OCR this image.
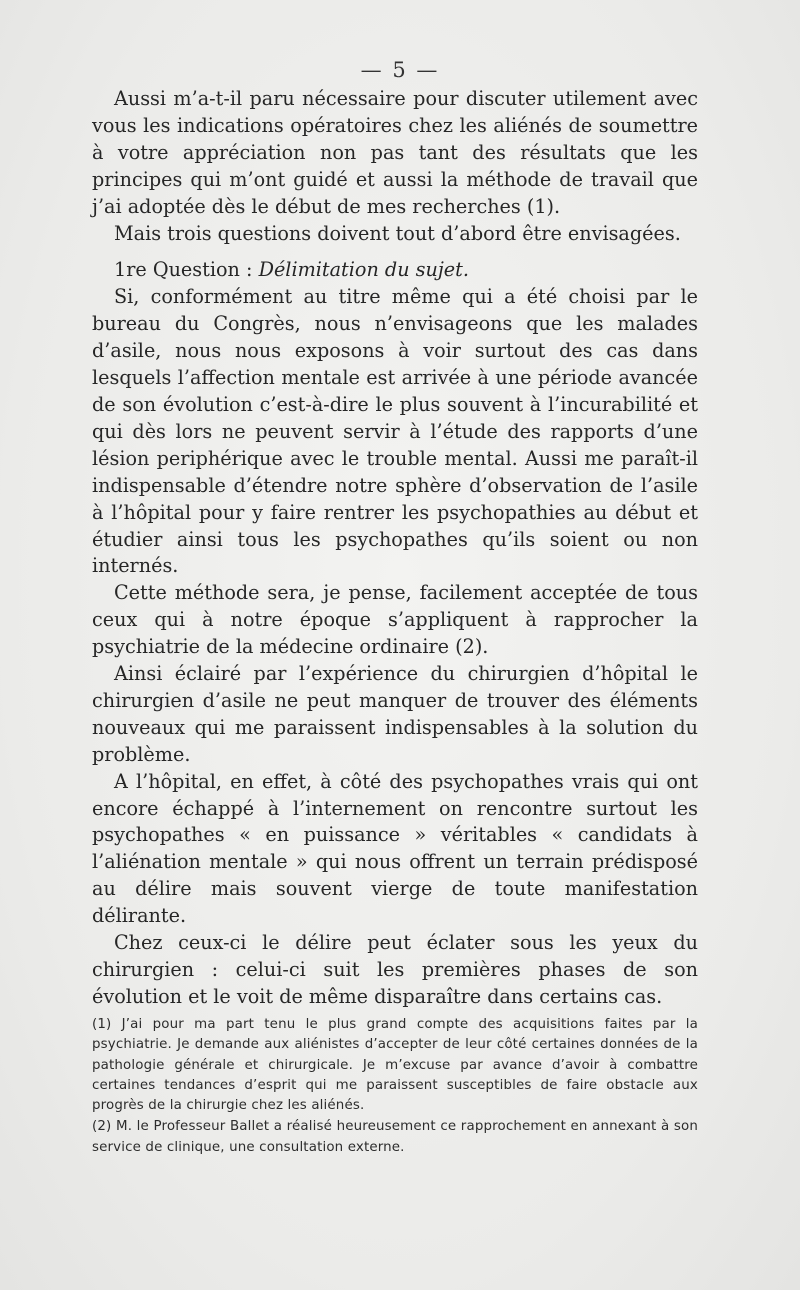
— 5 —

Aussi m’a-t-il paru nécessaire pour discuter utilement avec vous les indications opératoires chez les aliénés de soumettre à votre appréciation non pas tant des résultats que les principes qui m’ont guidé et aussi la méthode de travail que j’ai adoptée dès le début de mes recherches (1).

Mais trois questions doivent tout d’abord être envisagées.

1re Question : Délimitation du sujet.

Si, conformément au titre même qui a été choisi par le bureau du Congrès, nous n’envisageons que les malades d’asile, nous nous exposons à voir surtout des cas dans lesquels l’affection mentale est arrivée à une période avancée de son évolution c’est-à-dire le plus souvent à l’incurabilité et qui dès lors ne peuvent servir à l’étude des rapports d’une lésion periphérique avec le trouble mental. Aussi me paraît-il indispensable d’étendre notre sphère d’observation de l’asile à l’hôpital pour y faire rentrer les psychopathies au début et étudier ainsi tous les psychopathes qu’ils soient ou non internés.

Cette méthode sera, je pense, facilement acceptée de tous ceux qui à notre époque s’appliquent à rapprocher la psychiatrie de la médecine ordinaire (2).

Ainsi éclairé par l’expérience du chirurgien d’hôpital le chirurgien d’asile ne peut manquer de trouver des éléments nouveaux qui me paraissent indispensables à la solution du problème.

A l’hôpital, en effet, à côté des psychopathes vrais qui ont encore échappé à l’internement on rencontre surtout les psychopathes « en puissance » véritables « candidats à l’aliénation mentale » qui nous offrent un terrain prédisposé au délire mais souvent vierge de toute manifestation délirante.

Chez ceux-ci le délire peut éclater sous les yeux du chirurgien : celui-ci suit les premières phases de son évolution et le voit de même disparaître dans certains cas.

(1) J’ai pour ma part tenu le plus grand compte des acquisitions faites par la psychiatrie. Je demande aux aliénistes d’accepter de leur côté certaines données de la pathologie générale et chirurgicale. Je m’excuse par avance d’avoir à combattre certaines tendances d’esprit qui me paraissent susceptibles de faire obstacle aux progrès de la chirurgie chez les aliénés.

(2) M. le Professeur Ballet a réalisé heureusement ce rapprochement en annexant à son service de clinique, une consultation externe.
